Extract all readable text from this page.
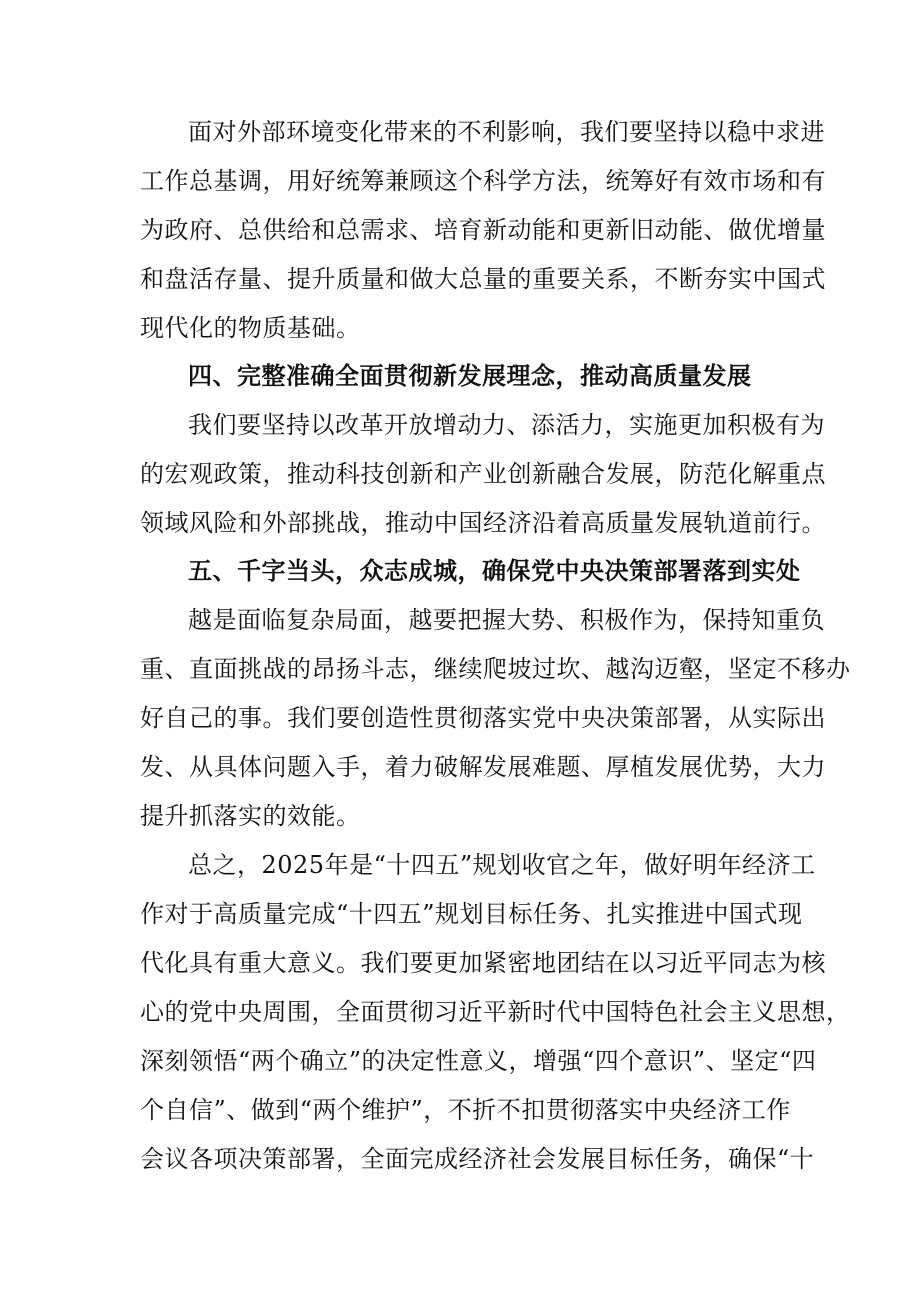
面对外部环境变化带来的不利影响，我们要坚持以稳中求进
工作总基调，用好统筹兼顾这个科学方法，统筹好有效市场和有
为政府、总供给和总需求、培育新动能和更新旧动能、做优增量
和盘活存量、提升质量和做大总量的重要关系，不断夯实中国式
现代化的物质基础。
四、完整准确全面贯彻新发展理念，推动高质量发展
我们要坚持以改革开放增动力、添活力，实施更加积极有为
的宏观政策，推动科技创新和产业创新融合发展，防范化解重点
领域风险和外部挑战，推动中国经济沿着高质量发展轨道前行。
五、千字当头，众志成城，确保党中央决策部署落到实处
越是面临复杂局面，越要把握大势、积极作为，保持知重负
重、直面挑战的昂扬斗志，继续爬坡过坎、越沟迈壑，坚定不移办
好自己的事。我们要创造性贯彻落实党中央决策部署，从实际出
发、从具体问题入手，着力破解发展难题、厚植发展优势，大力
提升抓落实的效能。
总之，2025年是“十四五”规划收官之年，做好明年经济工
作对于高质量完成“十四五”规划目标任务、扎实推进中国式现
代化具有重大意义。我们要更加紧密地团结在以习近平同志为核
心的党中央周围，全面贯彻习近平新时代中国特色社会主义思想，
深刻领悟“两个确立”的决定性意义，增强“四个意识”、坚定“四
个自信”、做到“两个维护”，不折不扣贯彻落实中央经济工作
会议各项决策部署，全面完成经济社会发展目标任务，确保“十
